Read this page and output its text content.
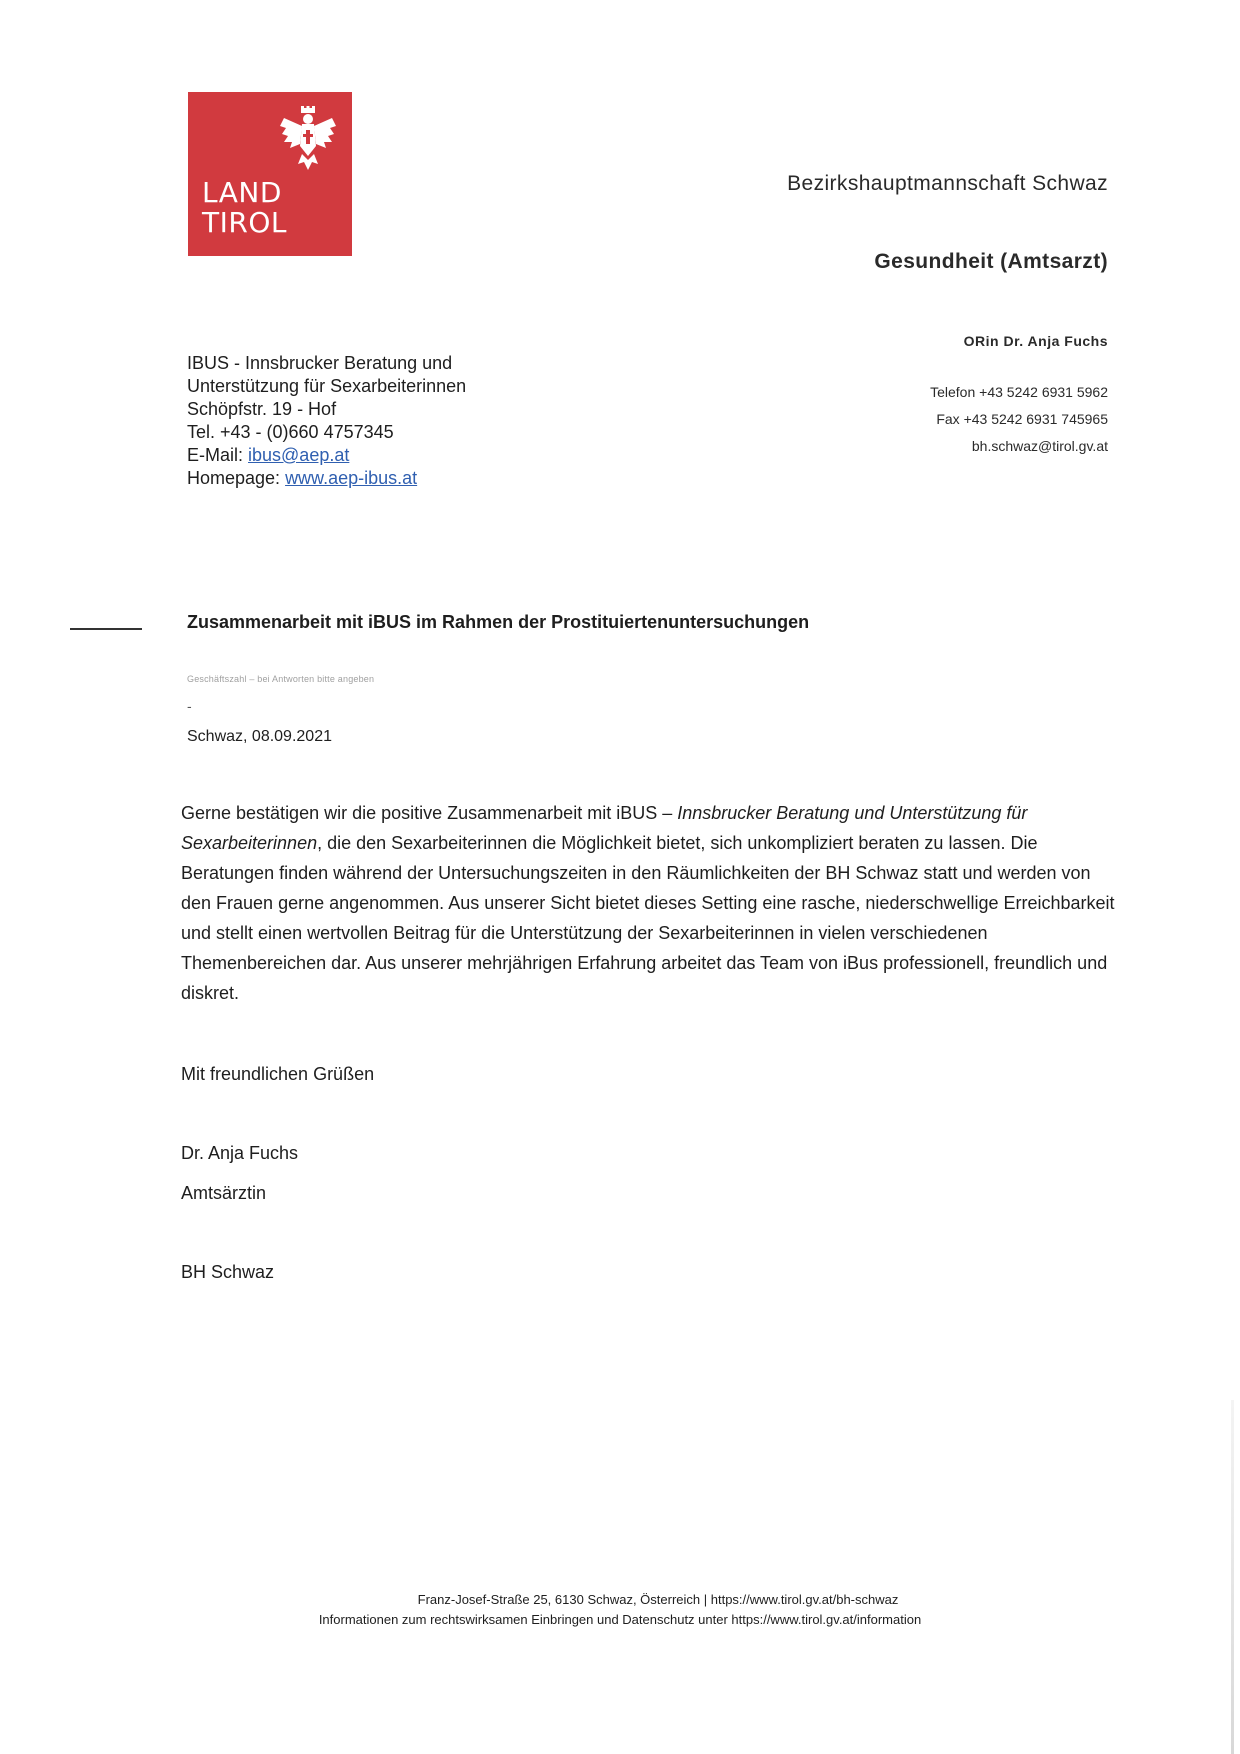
LAND
TIROL
Bezirkshauptmannschaft Schwaz
Gesundheit (Amtsarzt)
ORin Dr. Anja Fuchs
Telefon +43 5242 6931 5962
Fax +43 5242 6931 745965
bh.schwaz@tirol.gv.at
IBUS - Innsbrucker Beratung und
Unterstützung für Sexarbeiterinnen
Schöpfstr. 19 - Hof
Tel. +43 - (0)660 4757345
E-Mail: ibus@aep.at
Homepage: www.aep-ibus.at
Zusammenarbeit mit iBUS im Rahmen der Prostituiertenuntersuchungen
Geschäftszahl – bei Antworten bitte angeben
-
Schwaz, 08.09.2021
Gerne bestätigen wir die positive Zusammenarbeit mit iBUS – Innsbrucker Beratung und Unterstützung für Sexarbeiterinnen, die den Sexarbeiterinnen die Möglichkeit bietet, sich unkompliziert beraten zu lassen. Die Beratungen finden während der Untersuchungszeiten in den Räumlichkeiten der BH Schwaz statt und werden von den Frauen gerne angenommen. Aus unserer Sicht bietet dieses Setting eine rasche, niederschwellige Erreichbarkeit und stellt einen wertvollen Beitrag für die Unterstützung der Sexarbeiterinnen in vielen verschiedenen Themenbereichen dar. Aus unserer mehrjährigen Erfahrung arbeitet das Team von iBus professionell, freundlich und diskret.
Mit freundlichen Grüßen
Dr. Anja Fuchs
Amtsärztin
BH Schwaz
Franz-Josef-Straße 25, 6130 Schwaz, Österreich | https://www.tirol.gv.at/bh-schwaz
Informationen zum rechtswirksamen Einbringen und Datenschutz unter https://www.tirol.gv.at/information
